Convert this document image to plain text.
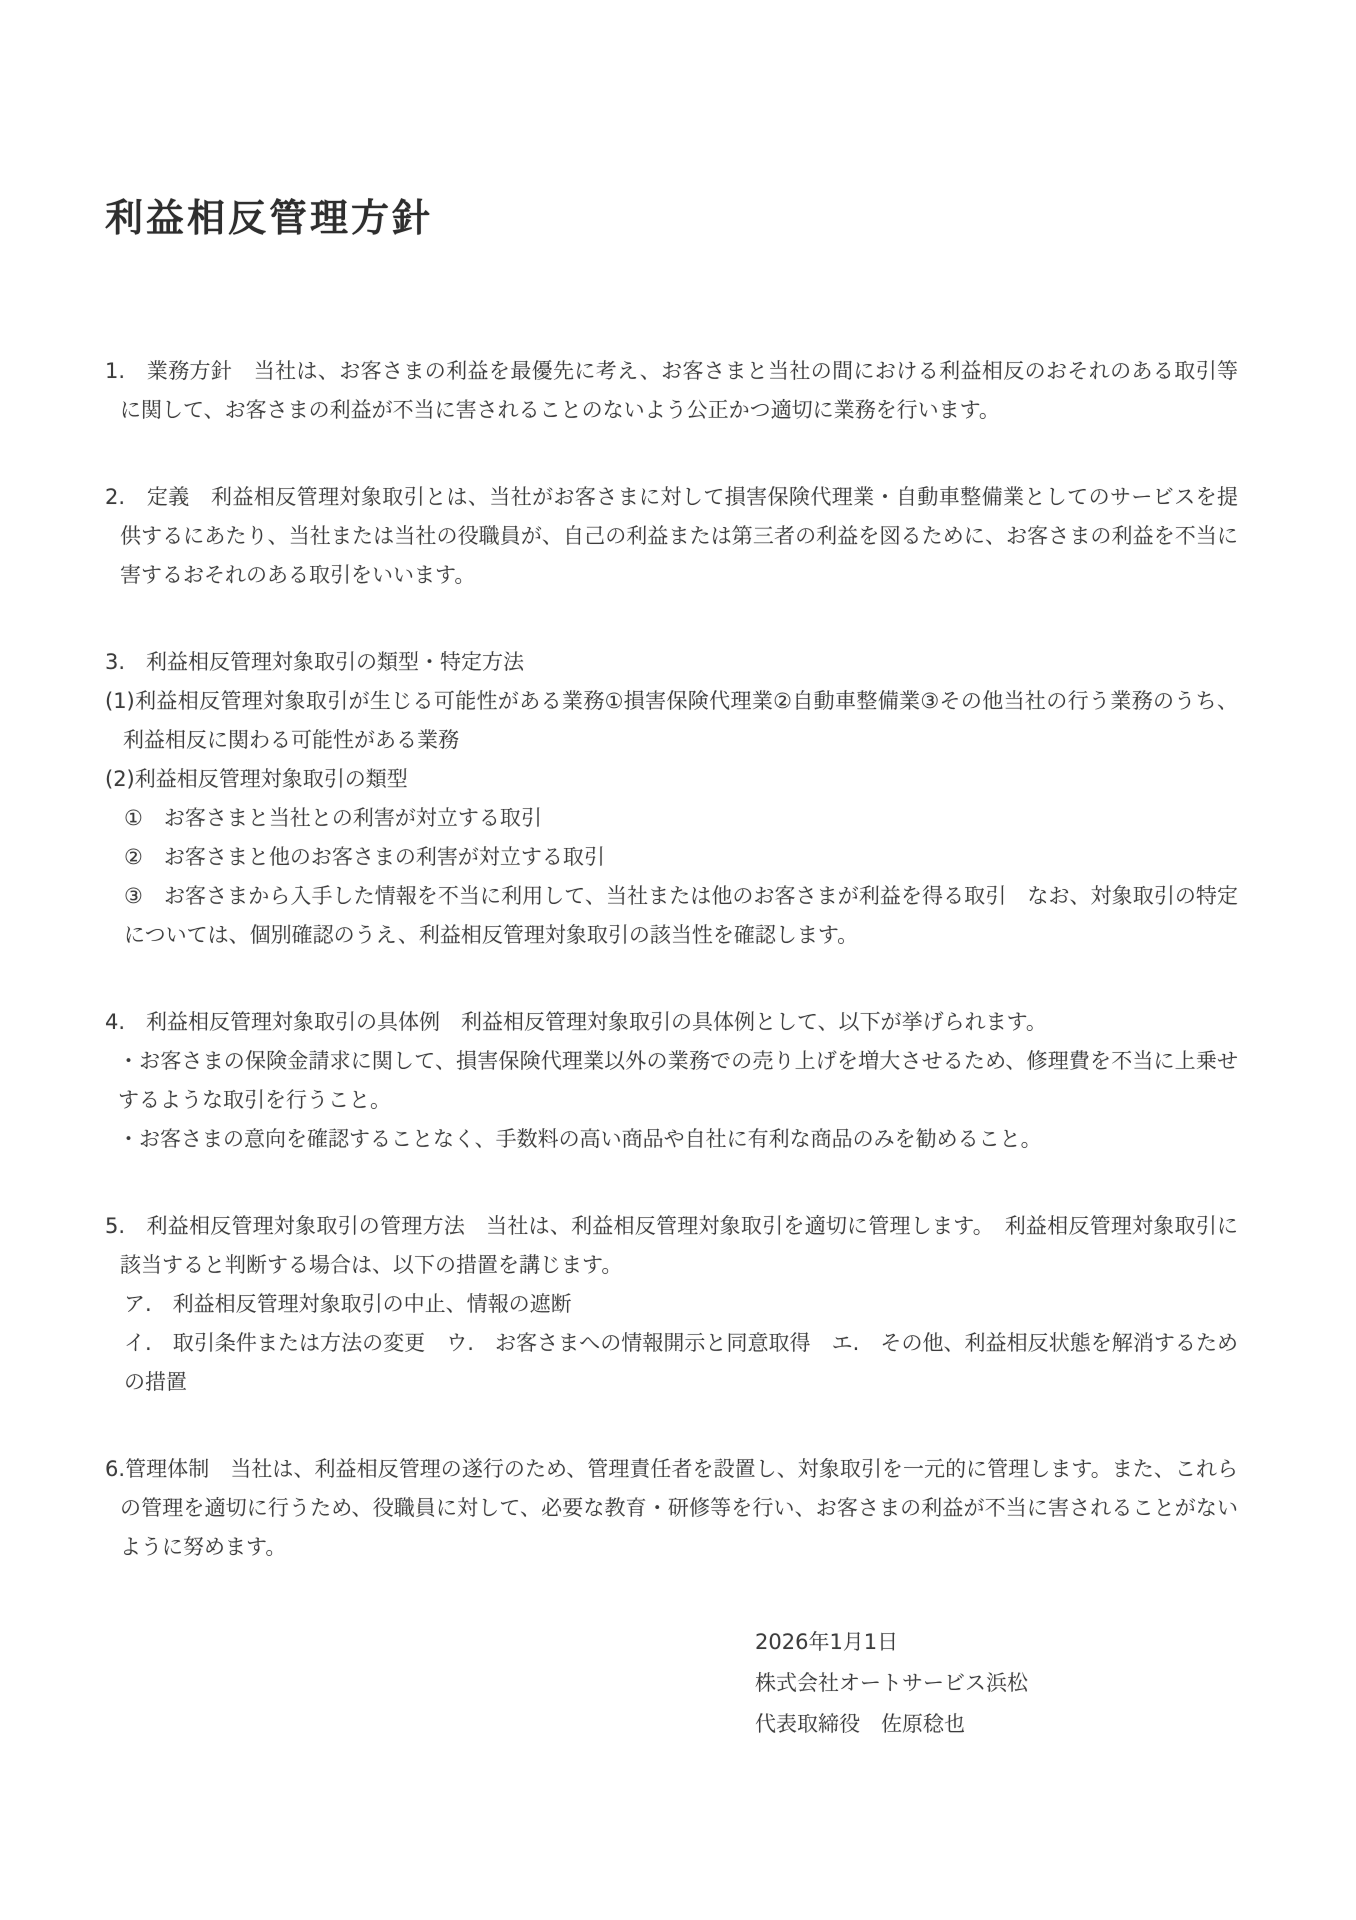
利益相反管理方針

1.　業務方針　当社は、お客さまの利益を最優先に考え、お客さまと当社の間における利益相反のおそれのある取引等に関して、お客さまの利益が不当に害されることのないよう公正かつ適切に業務を行います。

2.　定義　利益相反管理対象取引とは、当社がお客さまに対して損害保険代理業・自動車整備業としてのサービスを提供するにあたり、当社または当社の役職員が、自己の利益または第三者の利益を図るために、お客さまの利益を不当に害するおそれのある取引をいいます。

3.　利益相反管理対象取引の類型・特定方法

(1)利益相反管理対象取引が生じる可能性がある業務①損害保険代理業②自動車整備業③その他当社の行う業務のうち、利益相反に関わる可能性がある業務

(2)利益相反管理対象取引の類型

①　お客さまと当社との利害が対立する取引

②　お客さまと他のお客さまの利害が対立する取引

③　お客さまから入手した情報を不当に利用して、当社または他のお客さまが利益を得る取引　なお、対象取引の特定については、個別確認のうえ、利益相反管理対象取引の該当性を確認します。

4.　利益相反管理対象取引の具体例　利益相反管理対象取引の具体例として、以下が挙げられます。

・お客さまの保険金請求に関して、損害保険代理業以外の業務での売り上げを増大させるため、修理費を不当に上乗せするような取引を行うこと。

・お客さまの意向を確認することなく、手数料の高い商品や自社に有利な商品のみを勧めること。

5.　利益相反管理対象取引の管理方法　当社は、利益相反管理対象取引を適切に管理します。　利益相反管理対象取引に該当すると判断する場合は、以下の措置を講じます。

ア.　利益相反管理対象取引の中止、情報の遮断

イ.　取引条件または方法の変更　ウ.　お客さまへの情報開示と同意取得　エ.　その他、利益相反状態を解消するための措置

6.管理体制　当社は、利益相反管理の遂行のため、管理責任者を設置し、対象取引を一元的に管理します。また、これらの管理を適切に行うため、役職員に対して、必要な教育・研修等を行い、お客さまの利益が不当に害されることがないように努めます。

2026年1月1日
株式会社オートサービス浜松
代表取締役　佐原稔也
